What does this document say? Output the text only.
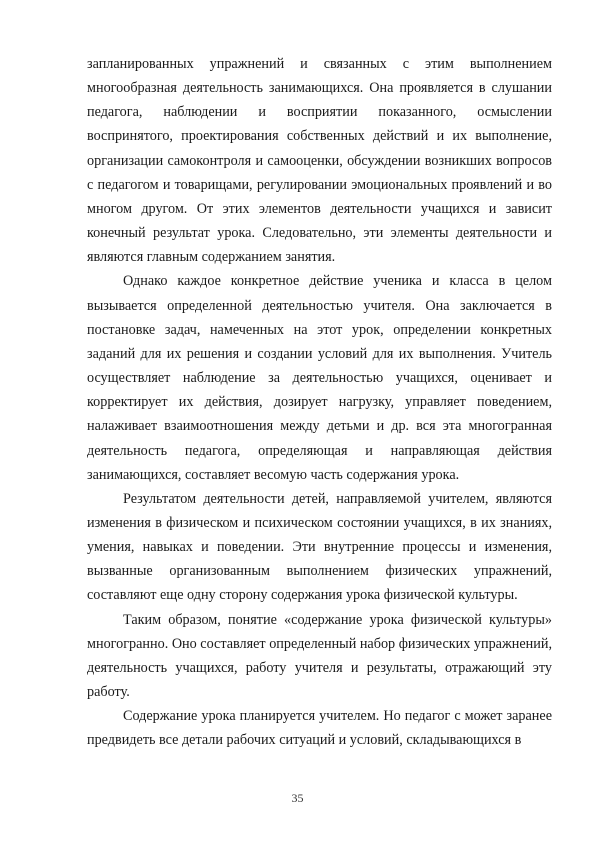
запланированных упражнений и связанных с этим выполнением многообразная деятельность занимающихся. Она проявляется в слушании педагога, наблюдении и восприятии показанного, осмыслении воспринятого, проектирования собственных действий и их выполнение, организации самоконтроля и самооценки, обсуждении возникших вопросов с педагогом и товарищами, регулировании эмоциональных проявлений и во многом другом. От этих элементов деятельности учащихся и зависит конечный результат урока. Следовательно, эти элементы деятельности и являются главным содержанием занятия.

Однако каждое конкретное действие ученика и класса в целом вызывается определенной деятельностью учителя. Она заключается в постановке задач, намеченных на этот урок, определении конкретных заданий для их решения и создании условий для их выполнения. Учитель осуществляет наблюдение за деятельностью учащихся, оценивает и корректирует их действия, дозирует нагрузку, управляет поведением, налаживает взаимоотношения между детьми и др. вся эта многогранная деятельность педагога, определяющая и направляющая действия занимающихся, составляет весомую часть содержания урока.

Результатом деятельности детей, направляемой учителем, являются изменения в физическом и психическом состоянии учащихся, в их знаниях, умения, навыках и поведении. Эти внутренние процессы и изменения, вызванные организованным выполнением физических упражнений, составляют еще одну сторону содержания урока физической культуры.

Таким образом, понятие «содержание урока физической культуры» многогранно. Оно составляет определенный набор физических упражнений, деятельность учащихся, работу учителя и результаты, отражающий эту работу.

Содержание урока планируется учителем. Но педагог с может заранее предвидеть все детали рабочих ситуаций и условий, складывающихся в

35
